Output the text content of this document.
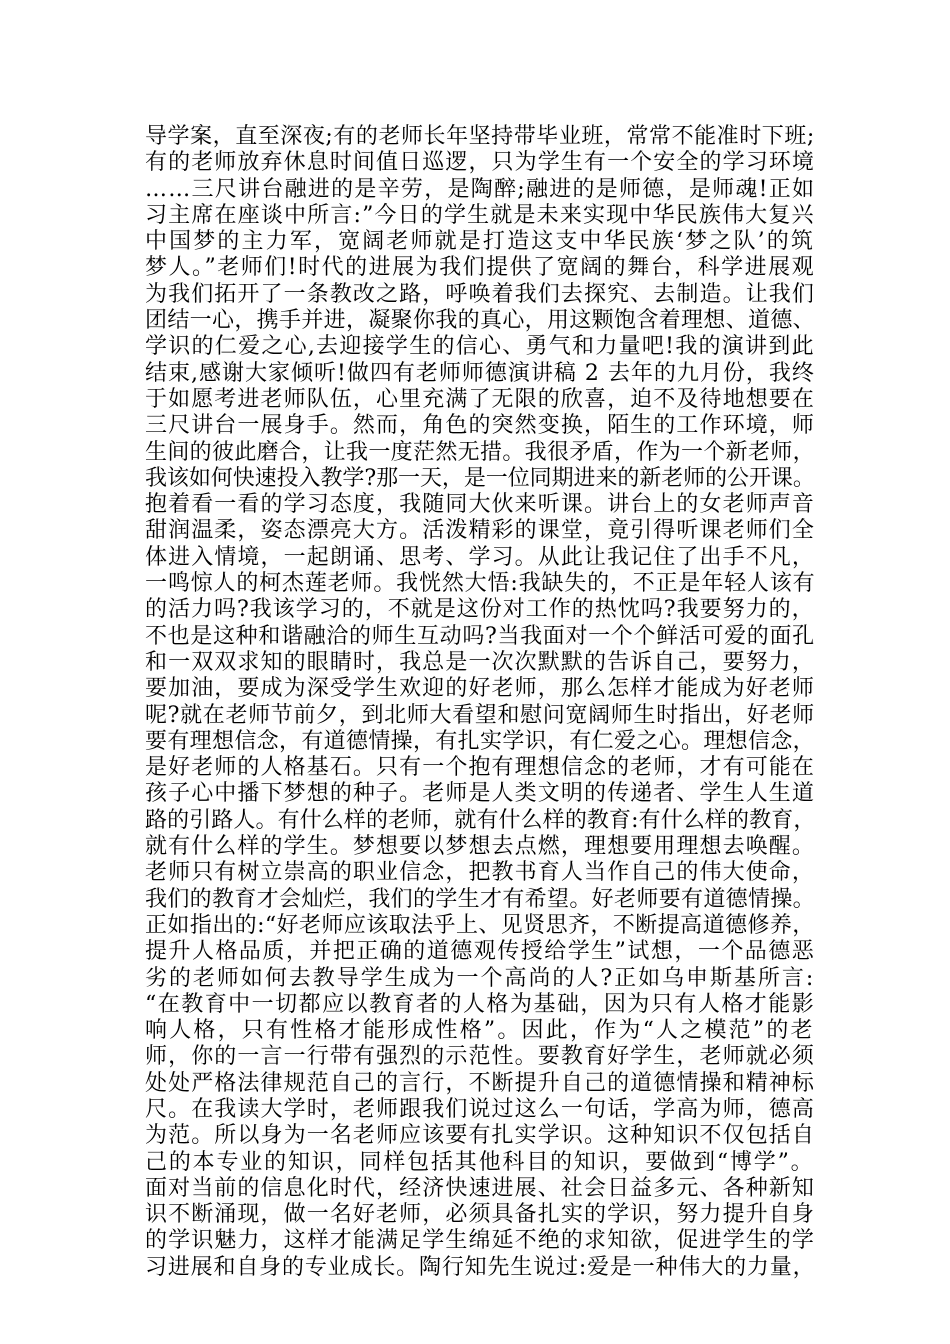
导学案，直至深夜;有的老师长年坚持带毕业班，常常不能准时下班;
有的老师放弃休息时间值日巡逻，只为学生有一个安全的学习环境
……三尺讲台融进的是辛劳，是陶醉;融进的是师德，是师魂!正如
习主席在座谈中所言:”今日的学生就是未来实现中华民族伟大复兴
中国梦的主力军，宽阔老师就是打造这支中华民族‘梦之队’的筑
梦人。”老师们!时代的进展为我们提供了宽阔的舞台，科学进展观
为我们拓开了一条教改之路，呼唤着我们去探究、去制造。让我们
团结一心，携手并进，凝聚你我的真心，用这颗饱含着理想、道德、
学识的仁爱之心,去迎接学生的信心、勇气和力量吧!我的演讲到此
结束,感谢大家倾听!做四有老师师德演讲稿 2 去年的九月份，我终
于如愿考进老师队伍，心里充满了无限的欣喜，迫不及待地想要在
三尺讲台一展身手。然而，角色的突然变换，陌生的工作环境，师
生间的彼此磨合，让我一度茫然无措。我很矛盾，作为一个新老师，
我该如何快速投入教学?那一天，是一位同期进来的新老师的公开课。
抱着看一看的学习态度，我随同大伙来听课。讲台上的女老师声音
甜润温柔，姿态漂亮大方。活泼精彩的课堂，竟引得听课老师们全
体进入情境，一起朗诵、思考、学习。从此让我记住了出手不凡，
一鸣惊人的柯杰莲老师。我恍然大悟:我缺失的，不正是年轻人该有
的活力吗?我该学习的，不就是这份对工作的热忱吗?我要努力的，
不也是这种和谐融洽的师生互动吗?当我面对一个个鲜活可爱的面孔
和一双双求知的眼睛时，我总是一次次默默的告诉自己，要努力，
要加油，要成为深受学生欢迎的好老师，那么怎样才能成为好老师
呢?就在老师节前夕，到北师大看望和慰问宽阔师生时指出，好老师
要有理想信念，有道德情操，有扎实学识，有仁爱之心。理想信念，
是好老师的人格基石。只有一个抱有理想信念的老师，才有可能在
孩子心中播下梦想的种子。老师是人类文明的传递者、学生人生道
路的引路人。有什么样的老师，就有什么样的教育:有什么样的教育，
就有什么样的学生。梦想要以梦想去点燃，理想要用理想去唤醒。
老师只有树立崇高的职业信念，把教书育人当作自己的伟大使命，
我们的教育才会灿烂，我们的学生才有希望。好老师要有道德情操。
正如指出的:“好老师应该取法乎上、见贤思齐，不断提高道德修养，
提升人格品质，并把正确的道德观传授给学生”试想，一个品德恶
劣的老师如何去教导学生成为一个高尚的人?正如乌申斯基所言:
“在教育中一切都应以教育者的人格为基础，因为只有人格才能影
响人格，只有性格才能形成性格”。因此，作为“人之模范”的老
师，你的一言一行带有强烈的示范性。要教育好学生，老师就必须
处处严格法律规范自己的言行，不断提升自己的道德情操和精神标
尺。在我读大学时，老师跟我们说过这么一句话，学高为师，德高
为范。所以身为一名老师应该要有扎实学识。这种知识不仅包括自
己的本专业的知识，同样包括其他科目的知识，要做到“博学”。
面对当前的信息化时代，经济快速进展、社会日益多元、各种新知
识不断涌现，做一名好老师，必须具备扎实的学识，努力提升自身
的学识魅力，这样才能满足学生绵延不绝的求知欲，促进学生的学
习进展和自身的专业成长。陶行知先生说过:爱是一种伟大的力量，
